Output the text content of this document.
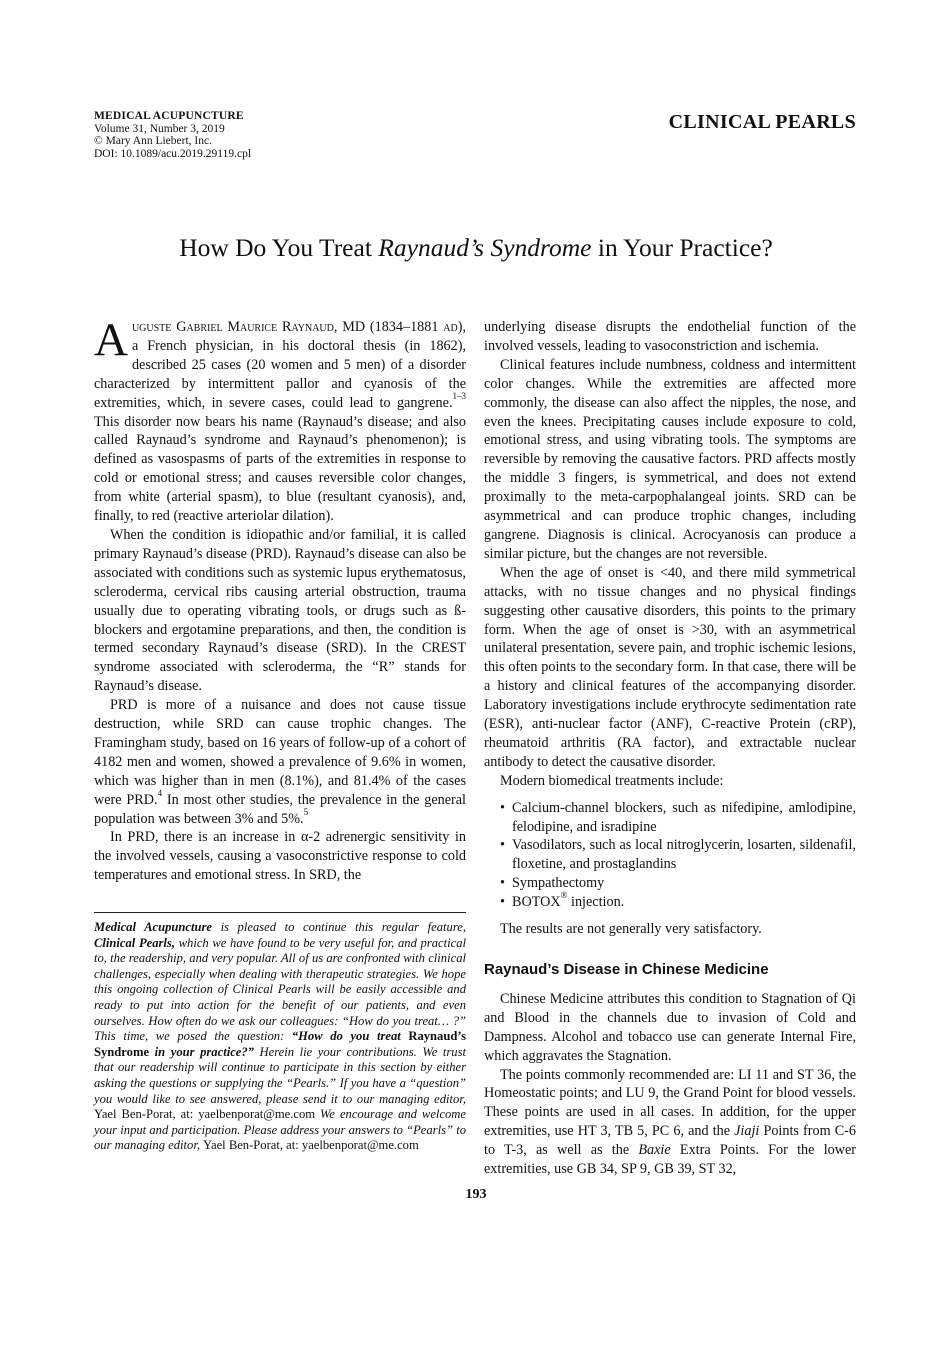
MEDICAL ACUPUNCTURE
Volume 31, Number 3, 2019
© Mary Ann Liebert, Inc.
DOI: 10.1089/acu.2019.29119.cpl
CLINICAL PEARLS
How Do You Treat Raynaud’s Syndrome in Your Practice?

Auguste Gabriel Maurice Raynaud, MD (1834–1881 ad), a French physician, in his doctoral thesis (in 1862), described 25 cases (20 women and 5 men) of a disorder characterized by intermittent pallor and cyanosis of the extremities, which, in severe cases, could lead to gangrene.$^{1-3}$ This disorder now bears his name (Raynaud’s disease; and also called Raynaud’s syndrome and Raynaud’s phenomenon); is defined as vasospasms of parts of the extremities in response to cold or emotional stress; and causes reversible color changes, from white (arterial spasm), to blue (resultant cyanosis), and, finally, to red (reactive arteriolar dilation).

When the condition is idiopathic and/or familial, it is called primary Raynaud’s disease (PRD). Raynaud’s disease can also be associated with conditions such as systemic lupus erythematosus, scleroderma, cervical ribs causing arterial obstruction, trauma usually due to operating vibrating tools, or drugs such as ß-blockers and ergotamine preparations, and then, the condition is termed secondary Raynaud’s disease (SRD). In the CREST syndrome associated with scleroderma, the “R” stands for Raynaud’s disease.

PRD is more of a nuisance and does not cause tissue destruction, while SRD can cause trophic changes. The Framingham study, based on 16 years of follow-up of a cohort of 4182 men and women, showed a prevalence of 9.6% in women, which was higher than in men (8.1%), and 81.4% of the cases were PRD.$^4$ In most other studies, the prevalence in the general population was between 3% and 5%.$^5$

In PRD, there is an increase in α-2 adrenergic sensitivity in the involved vessels, causing a vasoconstrictive response to cold temperatures and emotional stress. In SRD, the

Medical Acupuncture is pleased to continue this regular feature, Clinical Pearls, which we have found to be very useful for, and practical to, the readership, and very popular. All of us are confronted with clinical challenges, especially when dealing with therapeutic strategies. We hope this ongoing collection of Clinical Pearls will be easily accessible and ready to put into action for the benefit of our patients, and even ourselves. How often do we ask our colleagues: “How do you treat… ?” This time, we posed the question: “How do you treat Raynaud’s Syndrome in your practice?” Herein lie your contributions. We trust that our readership will continue to participate in this section by either asking the questions or supplying the “Pearls.” If you have a “question” you would like to see answered, please send it to our managing editor, Yael Ben-Porat, at: yaelbenporat@me.com We encourage and welcome your input and participation. Please address your answers to “Pearls” to our managing editor, Yael Ben-Porat, at: yaelbenporat@me.com

underlying disease disrupts the endothelial function of the involved vessels, leading to vasoconstriction and ischemia.

Clinical features include numbness, coldness and intermittent color changes. While the extremities are affected more commonly, the disease can also affect the nipples, the nose, and even the knees. Precipitating causes include exposure to cold, emotional stress, and using vibrating tools. The symptoms are reversible by removing the causative factors. PRD affects mostly the middle 3 fingers, is symmetrical, and does not extend proximally to the meta-carpophalangeal joints. SRD can be asymmetrical and can produce trophic changes, including gangrene. Diagnosis is clinical. Acrocyanosis can produce a similar picture, but the changes are not reversible.

When the age of onset is <40, and there mild symmetrical attacks, with no tissue changes and no physical findings suggesting other causative disorders, this points to the primary form. When the age of onset is >30, with an asymmetrical unilateral presentation, severe pain, and trophic ischemic lesions, this often points to the secondary form. In that case, there will be a history and clinical features of the accompanying disorder. Laboratory investigations include erythrocyte sedimentation rate (ESR), anti-nuclear factor (ANF), C-reactive Protein (cRP), rheumatoid arthritis (RA factor), and extractable nuclear antibody to detect the causative disorder.

Modern biomedical treatments include:

• Calcium-channel blockers, such as nifedipine, amlodipine, felodipine, and isradipine
• Vasodilators, such as local nitroglycerin, losarten, sildenafil, floxetine, and prostaglandins
• Sympathectomy
• BOTOX® injection.

The results are not generally very satisfactory.

Raynaud’s Disease in Chinese Medicine

Chinese Medicine attributes this condition to Stagnation of Qi and Blood in the channels due to invasion of Cold and Dampness. Alcohol and tobacco use can generate Internal Fire, which aggravates the Stagnation.

The points commonly recommended are: LI 11 and ST 36, the Homeostatic points; and LU 9, the Grand Point for blood vessels. These points are used in all cases. In addition, for the upper extremities, use HT 3, TB 5, PC 6, and the Jiaji Points from C-6 to T-3, as well as the Baxie Extra Points. For the lower extremities, use GB 34, SP 9, GB 39, ST 32,

193
